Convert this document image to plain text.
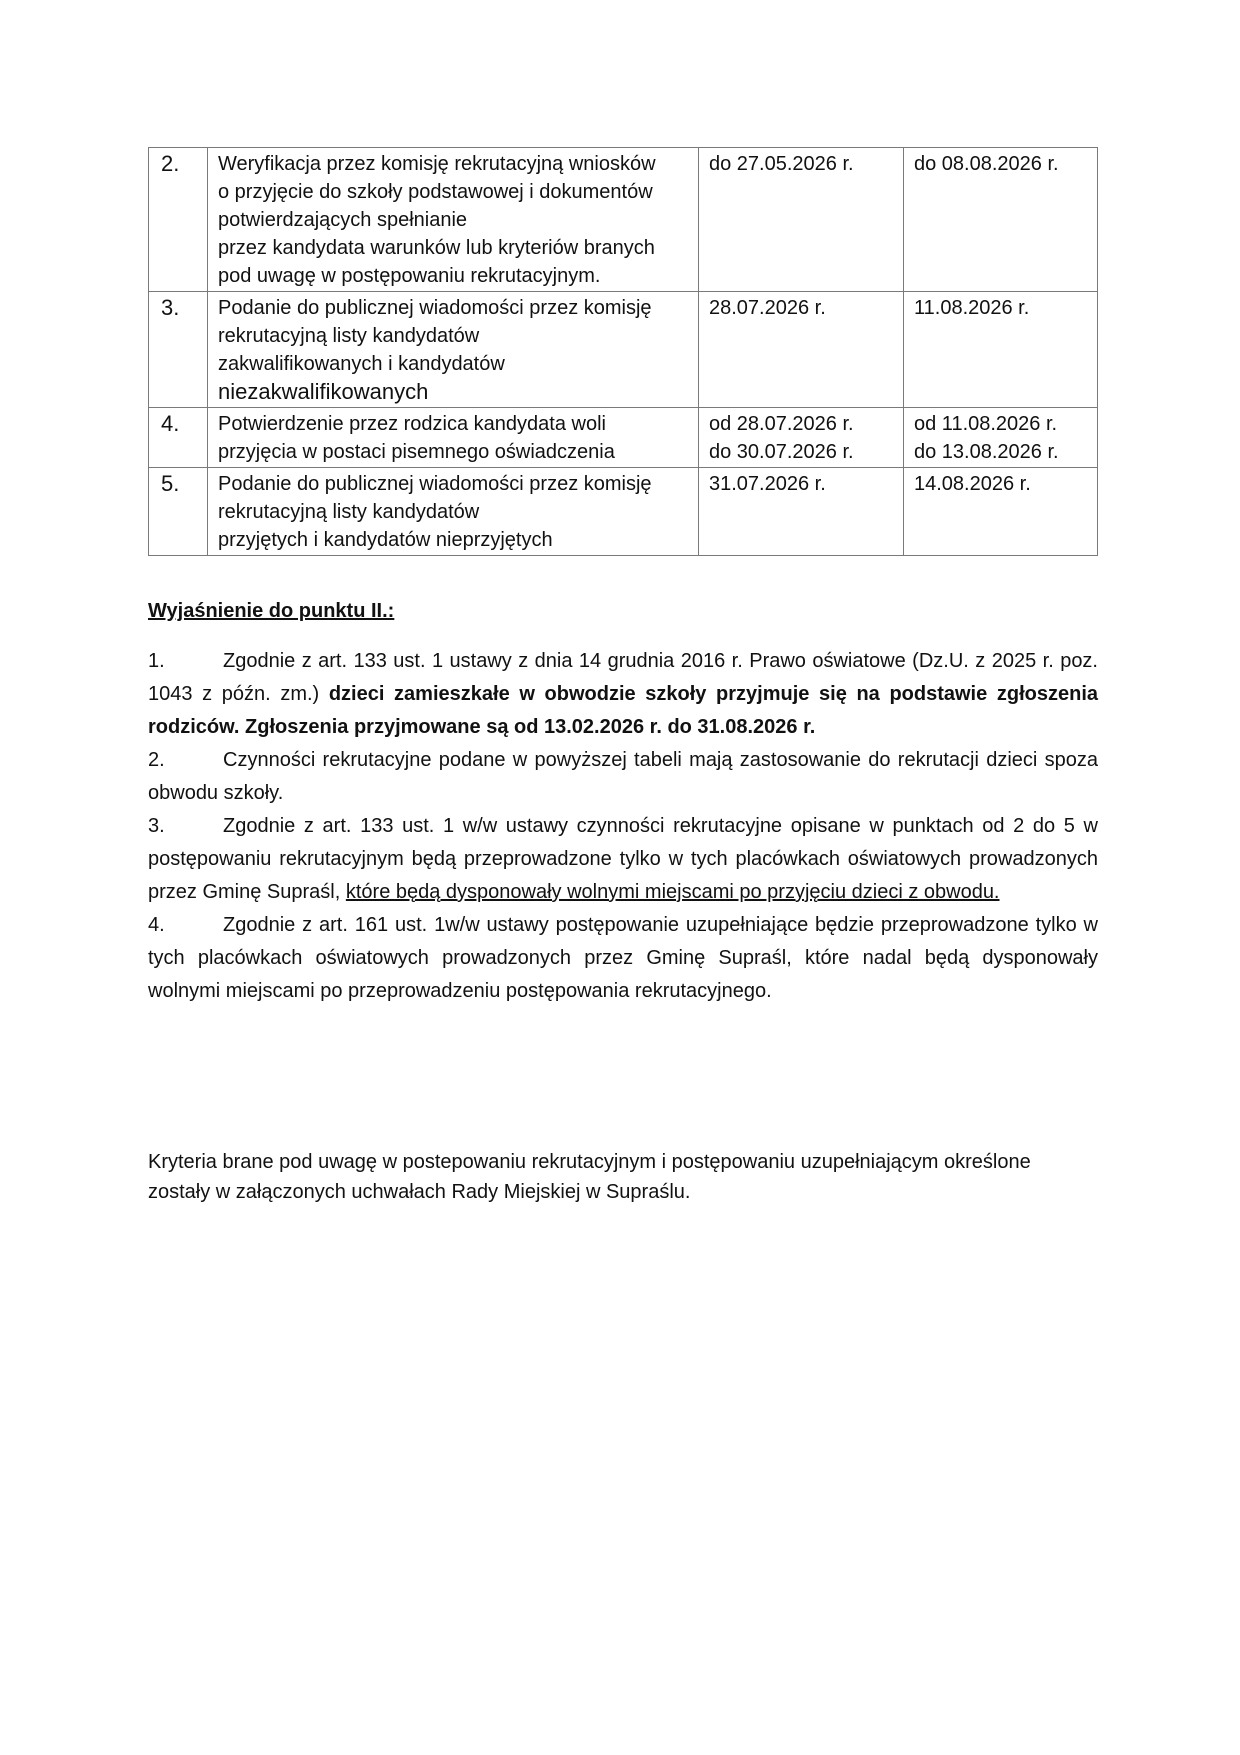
2.	Weryfikacja przez komisję rekrutacyjną wniosków
o przyjęcie do szkoły podstawowej i dokumentów
potwierdzających spełnianie
przez kandydata warunków lub kryteriów branych
pod uwagę w postępowaniu rekrutacyjnym.	do 27.05.2026 r.	do 08.08.2026 r.

3.	Podanie do publicznej wiadomości przez komisję
rekrutacyjną listy kandydatów
zakwalifikowanych i kandydatów
niezakwalifikowanych	28.07.2026 r.	11.08.2026 r.

4.	Potwierdzenie przez rodzica kandydata woli
przyjęcia w postaci pisemnego oświadczenia	od 28.07.2026 r.
do 30.07.2026 r.	od 11.08.2026 r.
do 13.08.2026 r.

5.	Podanie do publicznej wiadomości przez komisję
rekrutacyjną listy kandydatów
przyjętych i kandydatów nieprzyjętych	31.07.2026 r.	14.08.2026 r.
Wyjaśnienie do punktu II.:

1.	Zgodnie z art. 133 ust. 1 ustawy z dnia 14 grudnia 2016 r. Prawo oświatowe (Dz.U. z 2025 r. poz. 1043 z późn. zm.) dzieci zamieszkałe w obwodzie szkoły przyjmuje się na podstawie zgłoszenia rodziców. Zgłoszenia przyjmowane są od 13.02.2026 r. do 31.08.2026 r.

2.	Czynności rekrutacyjne podane w powyższej tabeli mają zastosowanie do rekrutacji dzieci spoza obwodu szkoły.

3.	Zgodnie z art. 133 ust. 1 w/w ustawy czynności rekrutacyjne opisane w punktach od 2 do 5 w postępowaniu rekrutacyjnym będą przeprowadzone tylko w tych placówkach oświatowych prowadzonych przez Gminę Supraśl, które będą dysponowały wolnymi miejscami po przyjęciu dzieci z obwodu.

4.	Zgodnie z art. 161 ust. 1w/w ustawy postępowanie uzupełniające będzie przeprowadzone tylko w tych placówkach oświatowych prowadzonych przez Gminę Supraśl, które nadal będą dysponowały wolnymi miejscami po przeprowadzeniu postępowania rekrutacyjnego.

Kryteria brane pod uwagę w postepowaniu rekrutacyjnym i postępowaniu uzupełniającym określone
zostały w załączonych uchwałach Rady Miejskiej w Supraślu.
